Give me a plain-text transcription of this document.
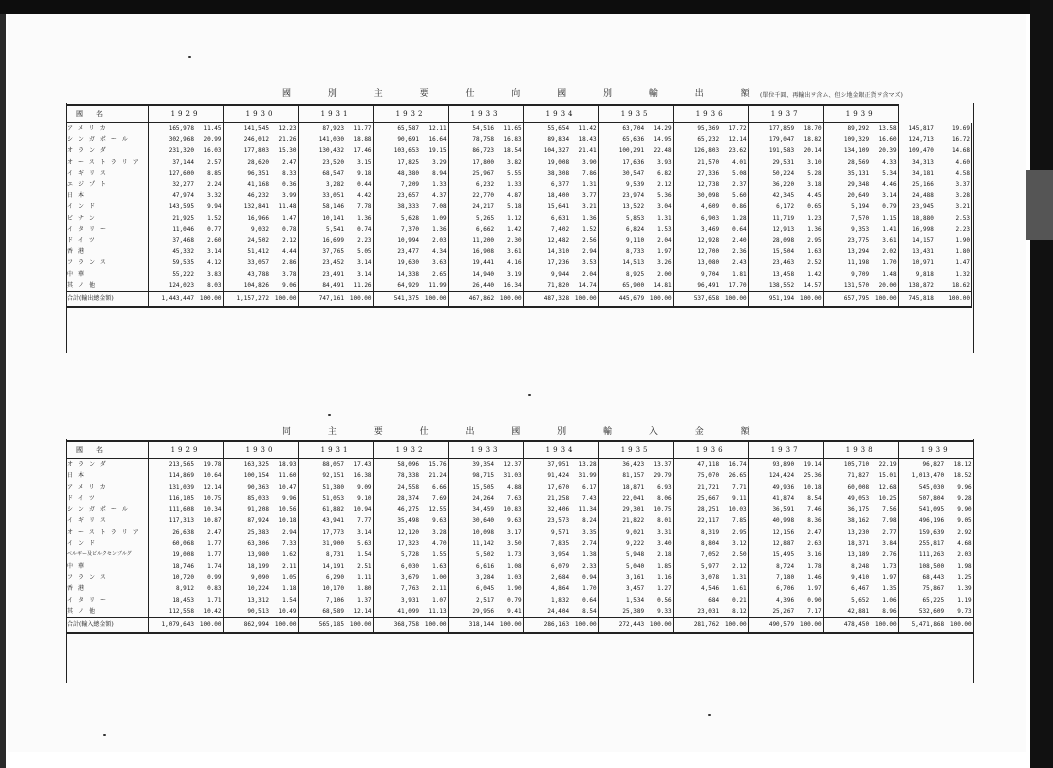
國 別 主 要 仕 向 國 別 輸 出 額
(單位千圓、再輸出ヲ含ム、但シ地金銀正貨ヲ含マズ)
國　名	1929		1930		1931		1932		1933		1934		1935		1936		1937		1939			
アメリカ	165,978	11.45	141,545	12.23	87,923	11.77	65,587	12.11	54,516	11.65	55,654	11.42	63,704	14.29	95,369	17.72	177,859	18.70	89,292	13.58	145,817	19.69
シンガポール	302,968	20.99	246,012	21.26	141,030	18.88	90,691	16.64	78,758	16.83	89,834	18.43	65,636	14.95	65,232	12.14	179,047	18.82	109,329	16.60	124,713	16.72
オランダ	231,320	16.03	177,803	15.30	130,432	17.46	103,653	19.15	86,723	18.54	104,327	21.41	100,291	22.48	126,803	23.62	191,583	20.14	134,109	20.39	109,470	14.68
オーストラリア	37,144	2.57	28,620	2.47	23,520	3.15	17,825	3.29	17,800	3.82	19,008	3.90	17,636	3.93	21,570	4.01	29,531	3.10	28,569	4.33	34,313	4.60
イギリス	127,600	8.85	96,351	8.33	68,547	9.18	48,380	8.94	25,967	5.55	38,308	7.86	30,547	6.82	27,336	5.08	50,224	5.28	35,131	5.34	34,181	4.58
エジプト	32,277	2.24	41,168	0.36	3,282	0.44	7,209	1.33	6,232	1.33	6,377	1.31	9,539	2.12	12,738	2.37	36,220	3.18	29,348	4.46	25,166	3.37
日本	47,974	3.32	46,232	3.99	33,051	4.42	23,657	4.37	22,770	4.87	18,400	3.77	23,974	5.36	30,098	5.60	42,345	4.45	20,649	3.14	24,488	3.28
インド	143,595	9.94	132,841	11.48	58,146	7.78	38,333	7.08	24,217	5.18	15,641	3.21	13,522	3.04	4,609	0.86	6,172	0.65	5,194	0.79	23,945	3.21
ビナン	21,925	1.52	16,966	1.47	10,141	1.36	5,628	1.09	5,265	1.12	6,631	1.36	5,853	1.31	6,903	1.28	11,719	1.23	7,570	1.15	18,880	2.53
イタリー	11,046	0.77	9,032	0.78	5,541	0.74	7,370	1.36	6,662	1.42	7,402	1.52	6,824	1.53	3,469	0.64	12,913	1.36	9,353	1.41	16,998	2.23
ドイツ	37,468	2.60	24,502	2.12	16,699	2.23	10,994	2.03	11,200	2.30	12,482	2.56	9,110	2.04	12,928	2.40	28,098	2.95	23,775	3.61	14,157	1.90
香港	45,332	3.14	51,412	4.44	37,765	5.05	23,477	4.34	16,908	3.61	14,310	2.94	8,733	1.97	12,700	2.36	15,504	1.63	13,294	2.02	13,431	1.80
フランス	59,535	4.12	33,057	2.86	23,452	3.14	19,630	3.63	19,441	4.16	17,236	3.53	14,513	3.26	13,080	2.43	23,463	2.52	11,198	1.70	10,971	1.47
中華	55,222	3.83	43,788	3.78	23,491	3.14	14,338	2.65	14,940	3.19	9,944	2.04	8,925	2.00	9,704	1.81	13,458	1.42	9,709	1.48	9,818	1.32
其ノ他	124,023	8.03	104,826	9.06	84,491	11.26	64,929	11.99	26,440	16.34	71,820	14.74	65,900	14.81	96,491	17.70	138,552	14.57	131,570	20.00	138,872	18.62
合計(輸出總金額)	1,443,447	100.00	1,157,272	100.00	747,161	100.00	541,375	100.00	467,862	100.00	487,328	100.00	445,679	100.00	537,658	100.00	951,194	100.00	657,795	100.00	745,818	100.00
同 主 要 仕 出 國 別 輸 入 金 額
國　名	1929		1930		1931		1932		1933		1934		1935		1936		1937		1938		1939	
オランダ	213,565	19.78	163,325	18.93	88,057	17.43	58,096	15.76	39,354	12.37	37,951	13.28	36,423	13.37	47,118	16.74	93,890	19.14	105,710	22.19	96,827	18.12
日本	114,869	10.64	100,154	11.60	92,151	16.38	78,338	21.24	98,715	31.03	91,424	31.99	81,157	29.79	75,070	26.65	124,424	25.36	71,827	15.01	1,013,470	18.52
アメリカ	131,039	12.14	90,363	10.47	51,380	9.09	24,558	6.66	15,505	4.88	17,670	6.17	18,871	6.93	21,721	7.71	49,936	10.18	60,008	12.68	545,030	9.96
ドイツ	116,105	10.75	85,033	9.96	51,053	9.10	28,374	7.69	24,264	7.63	21,258	7.43	22,041	8.06	25,667	9.11	41,874	8.54	49,053	10.25	507,804	9.28
シンガポール	111,608	10.34	91,208	10.56	61,882	10.94	46,275	12.55	34,459	10.83	32,406	11.34	29,301	10.75	28,251	10.03	36,591	7.46	36,175	7.56	541,095	9.90
イギリス	117,313	10.87	87,924	10.18	43,941	7.77	35,498	9.63	30,640	9.63	23,573	8.24	21,822	8.01	22,117	7.85	40,998	8.36	38,162	7.98	496,196	9.05
オーストラリア	26,638	2.47	25,383	2.94	17,773	3.14	12,120	3.28	10,098	3.17	9,571	3.35	9,021	3.31	8,319	2.95	12,156	2.47	13,230	2.77	159,639	2.92
インド	60,068	1.77	63,306	7.33	31,900	5.63	17,323	4.70	11,142	3.50	7,835	2.74	9,222	3.40	8,804	3.12	12,887	2.63	18,371	3.84	255,817	4.68
ベルギー及ビルクセンブルグ	19,008	1.77	13,980	1.62	8,731	1.54	5,728	1.55	5,502	1.73	3,954	1.38	5,948	2.18	7,052	2.50	15,495	3.16	13,189	2.76	111,263	2.03
中華	18,746	1.74	18,199	2.11	14,191	2.51	6,030	1.63	6,616	1.08	6,079	2.33	5,040	1.85	5,977	2.12	8,724	1.78	8,248	1.73	108,500	1.98
フランス	10,720	0.99	9,090	1.05	6,290	1.11	3,679	1.00	3,284	1.03	2,684	0.94	3,161	1.16	3,078	1.31	7,180	1.46	9,410	1.97	68,443	1.25
香港	8,912	0.83	10,224	1.18	10,170	1.80	7,763	2.11	6,045	1.90	4,864	1.70	3,457	1.27	4,546	1.61	6,706	1.97	6,467	1.35	75,867	1.39
イタリー	18,453	1.71	13,312	1.54	7,106	1.37	3,931	1.07	2,517	0.79	1,832	0.64	1,534	0.56	684	0.21	4,396	0.90	5,652	1.06	65,225	1.19
其ノ他	112,558	10.42	90,513	10.49	68,589	12.14	41,099	11.13	29,956	9.41	24,404	8.54	25,389	9.33	23,031	8.12	25,267	7.17	42,881	8.96	532,609	9.73
合計(輸入總金額)	1,079,643	100.00	862,994	100.00	565,185	100.00	368,758	100.00	318,144	100.00	286,163	100.00	272,443	100.00	281,762	100.00	490,579	100.00	478,450	100.00	5,471,868	100.00
